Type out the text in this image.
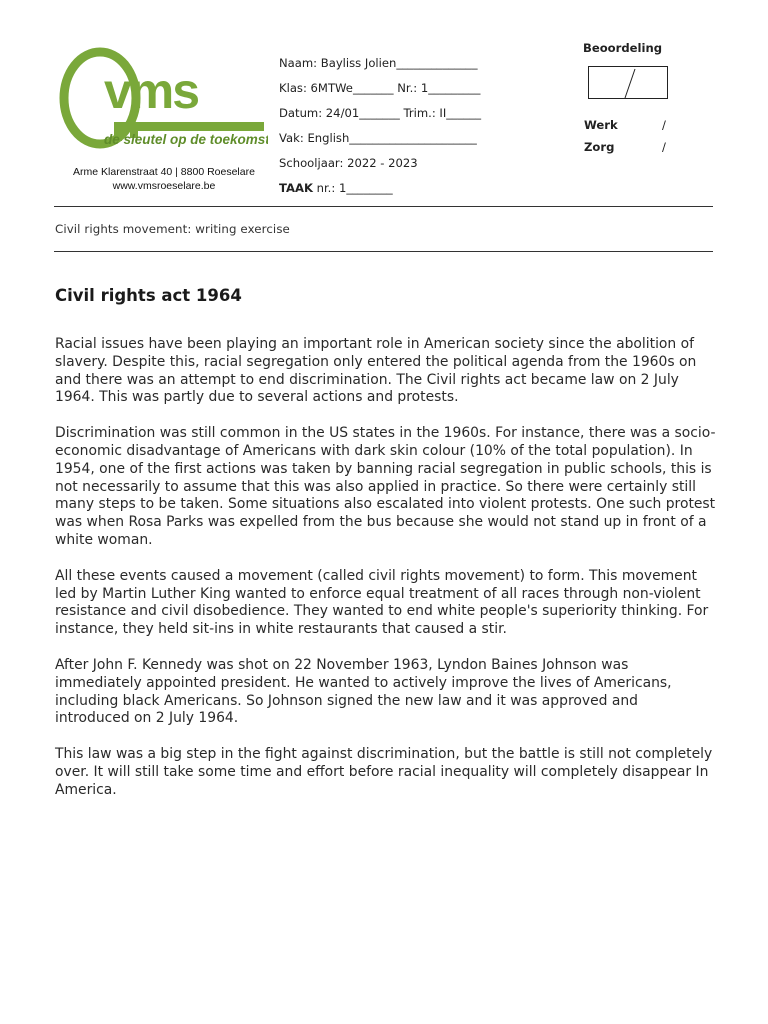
vms
de sleutel op de toekomst
Arme Klarenstraat 40 | 8800 Roeselare
www.vmsroeselare.be
Naam: Bayliss Jolien______________
Klas: 6MTWe_______ Nr.: 1_________
Datum: 24/01_______ Trim.: II______
Vak: English______________________
Schooljaar: 2022 - 2023
TAAK nr.: 1________
Beoordeling
Werk	/
Zorg	/
Civil rights movement: writing exercise
Civil rights act 1964

Racial issues have been playing an important role in American society since the abolition of slavery. Despite this, racial segregation only entered the political agenda from the 1960s on and there was an attempt to end discrimination. The Civil rights act became law on 2 July 1964. This was partly due to several actions and protests.

Discrimination was still common in the US states in the 1960s. For instance, there was a socio-economic disadvantage of Americans with dark skin colour (10% of the total population). In 1954, one of the first actions was taken by banning racial segregation in public schools, this is not necessarily to assume that this was also applied in practice. So there were certainly still many steps to be taken. Some situations also escalated into violent protests. One such protest was when Rosa Parks was expelled from the bus because she would not stand up in front of a white woman.

All these events caused a movement (called civil rights movement) to form. This movement led by Martin Luther King wanted to enforce equal treatment of all races through non-violent resistance and civil disobedience. They wanted to end white people's superiority thinking. For instance, they held sit-ins in white restaurants that caused a stir.

After John F. Kennedy was shot on 22 November 1963, Lyndon Baines Johnson was immediately appointed president. He wanted to actively improve the lives of Americans, including black Americans. So Johnson signed the new law and it was approved and introduced on 2 July 1964.

This law was a big step in the fight against discrimination, but the battle is still not completely over. It will still take some time and effort before racial inequality will completely disappear In America.
